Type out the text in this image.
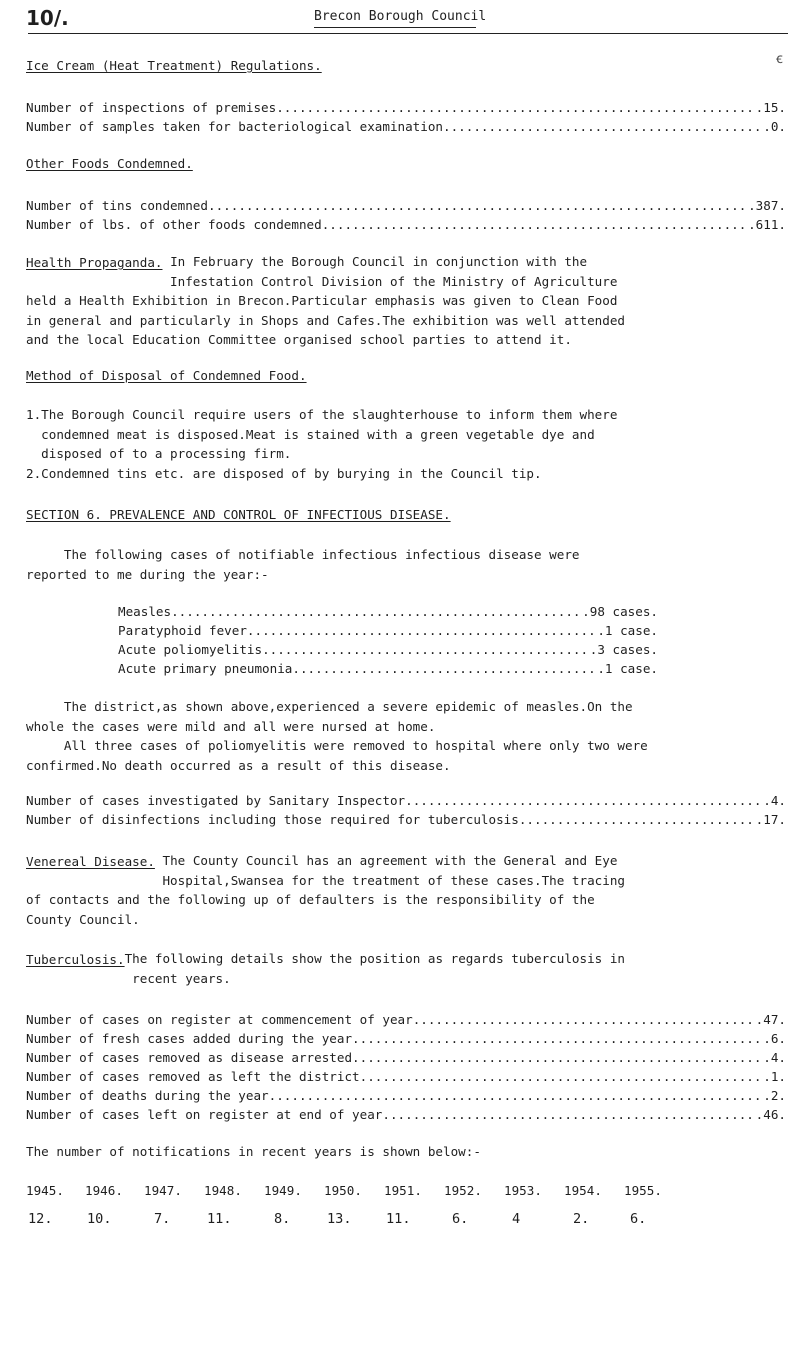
10/.	Brecon Borough Council
ꞓ
Ice Cream (Heat Treatment) Regulations.
Number of inspections of premises .....	.15.
Number of samples taken for bacteriological examination .....	.0.
Other Foods Condemned.
Number of tins condemned .....	.387.
Number of lbs. of other foods condemned. .....	.611.
Health Propaganda. In February the Borough Council in conjunction with the
Infestation Control Division of the Ministry of Agriculture
held a Health Exhibition in Brecon.Particular emphasis was given to Clean Food
in general and particularly in Shops and Cafes.The exhibition was well attended
and the local Education Committee organised school parties to attend it.
Method of Disposal of Condemned Food.
1.The Borough Council require users of the slaughterhouse to inform them where
condemned meat is disposed.Meat is stained with a green vegetable dye and
disposed of to a processing firm.
2.Condemned tins etc. are disposed of by burying in the Council tip.
SECTION 6. PREVALENCE AND CONTROL OF INFECTIOUS DISEASE.
The following cases of notifiable infectious infectious disease were
reported to me during the year:-
Measles .....	.98 cases.
Paratyphoid fever .....	.1 case.
Acute poliomyelitis .....	.3 cases.
Acute primary pneumonia .....	.1 case.
The district,as shown above,experienced a severe epidemic of measles.On the
whole the cases were mild and all were nursed at home.
All three cases of poliomyelitis were removed to hospital where only two were
confirmed.No death occurred as a result of this disease.
Number of cases investigated by Sanitary Inspector .....	.4.
Number of disinfections including those required for tuberculosis .....	.17.
Venereal Disease. The County Council has an agreement with the General and Eye
Hospital,Swansea for the treatment of these cases.The tracing
of contacts and the following up of defaulters is the responsibility of the
County Council.
Tuberculosis. The following details show the position as regards tuberculosis in
recent years.
Number of cases on register at commencement of year .....	.47.
Number of fresh cases added during the year .....	.6.
Number of cases removed as disease arrested .....	.4.
Number of cases removed as left the district .....	.1.
Number of deaths during the year .....	.2.
Number of cases left on register at end of year .....	.46.
The number of notifications in recent years is shown below:-
1945. 1946. 1947. 1948. 1949. 1950. 1951. 1952. 1953. 1954. 1955.
12.	10.	7.	11.	8.	13.	11.	6.	4	2.	6.
